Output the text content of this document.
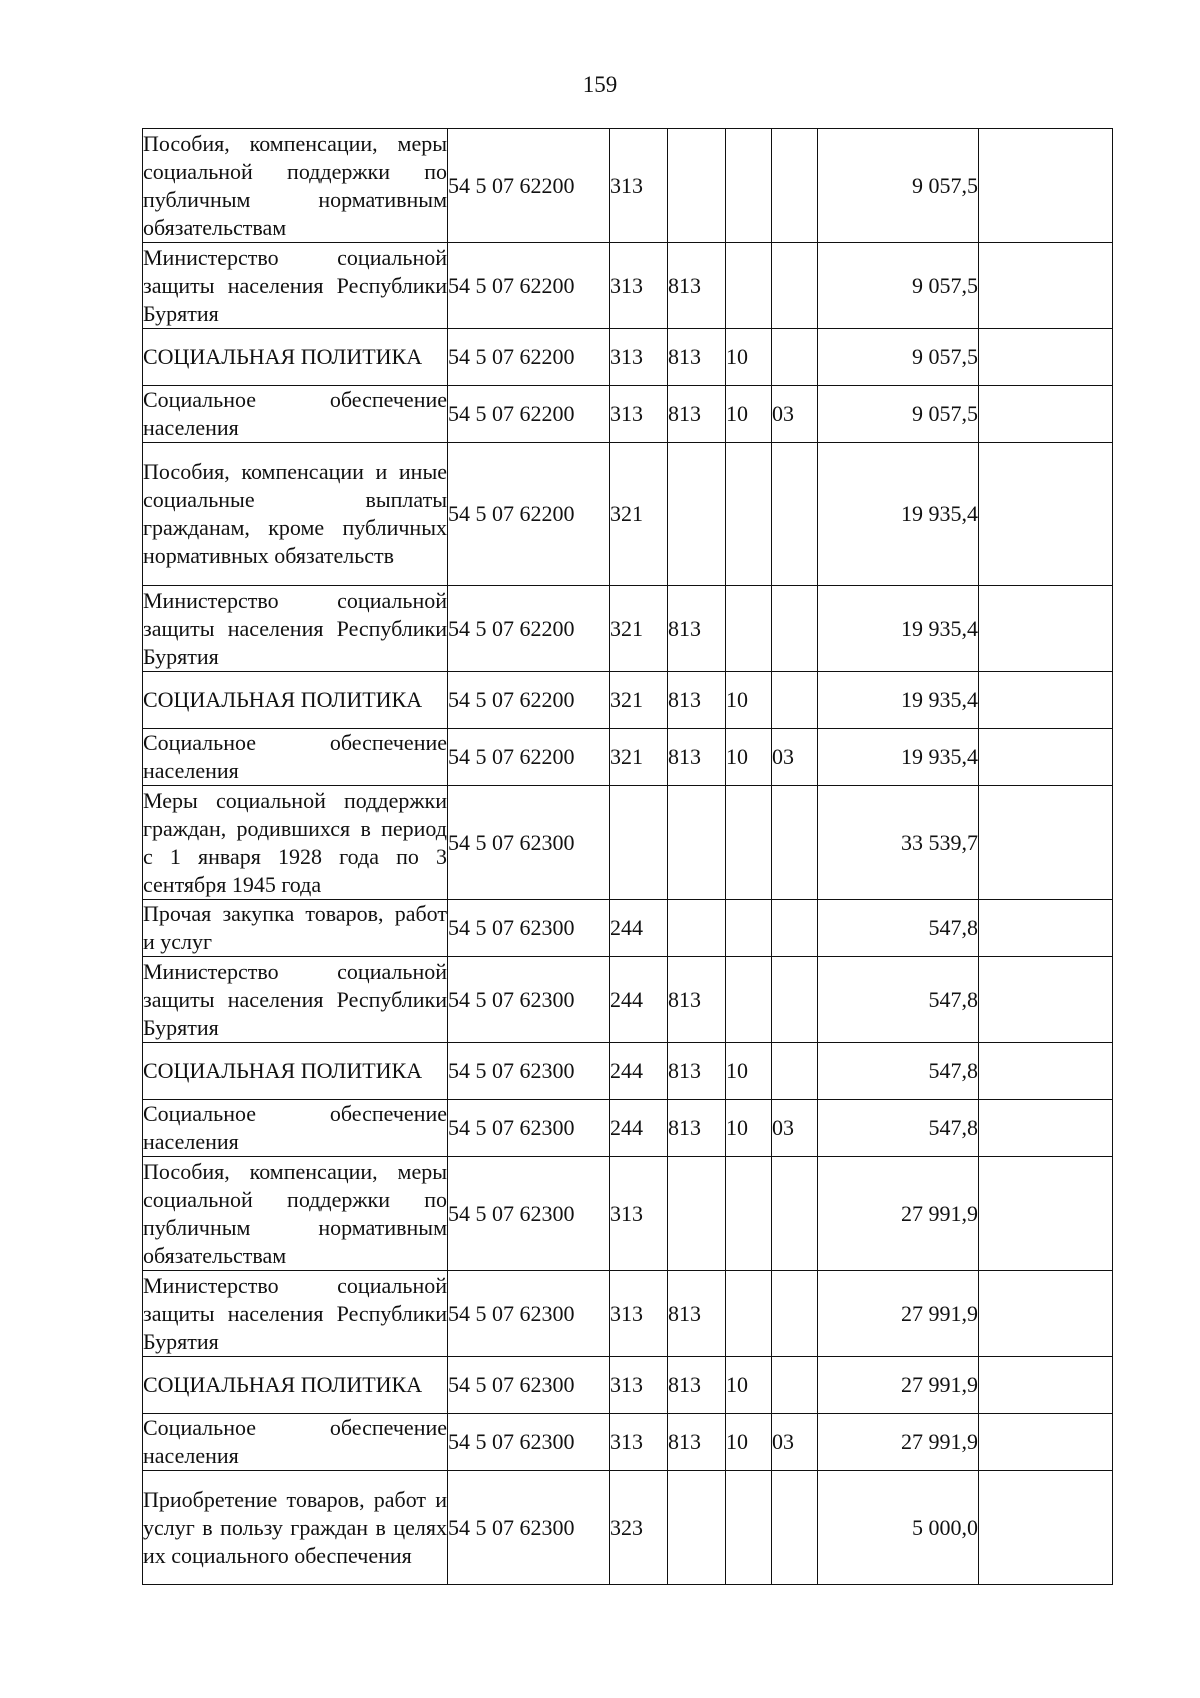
159
Пособия, компенсации, меры социальной поддержки по публичным нормативным обязательствам	54 5 07 62200	313				9 057,5	
Министерство социальной защиты населения Республики Бурятия	54 5 07 62200	313	813			9 057,5	
СОЦИАЛЬНАЯ ПОЛИТИКА	54 5 07 62200	313	813	10		9 057,5	
Социальное обеспечение населения	54 5 07 62200	313	813	10	03	9 057,5	
Пособия, компенсации и иные социальные выплаты гражданам, кроме публичных нормативных обязательств	54 5 07 62200	321				19 935,4	
Министерство социальной защиты населения Республики Бурятия	54 5 07 62200	321	813			19 935,4	
СОЦИАЛЬНАЯ ПОЛИТИКА	54 5 07 62200	321	813	10		19 935,4	
Социальное обеспечение населения	54 5 07 62200	321	813	10	03	19 935,4	
Меры социальной поддержки граждан, родившихся в период с 1 января 1928 года по 3 сентября 1945 года	54 5 07 62300					33 539,7	
Прочая закупка товаров, работ и услуг	54 5 07 62300	244				547,8	
Министерство социальной защиты населения Республики Бурятия	54 5 07 62300	244	813			547,8	
СОЦИАЛЬНАЯ ПОЛИТИКА	54 5 07 62300	244	813	10		547,8	
Социальное обеспечение населения	54 5 07 62300	244	813	10	03	547,8	
Пособия, компенсации, меры социальной поддержки по публичным нормативным обязательствам	54 5 07 62300	313				27 991,9	
Министерство социальной защиты населения Республики Бурятия	54 5 07 62300	313	813			27 991,9	
СОЦИАЛЬНАЯ ПОЛИТИКА	54 5 07 62300	313	813	10		27 991,9	
Социальное обеспечение населения	54 5 07 62300	313	813	10	03	27 991,9	
Приобретение товаров, работ и услуг в пользу граждан в целях их социального обеспечения	54 5 07 62300	323				5 000,0	
